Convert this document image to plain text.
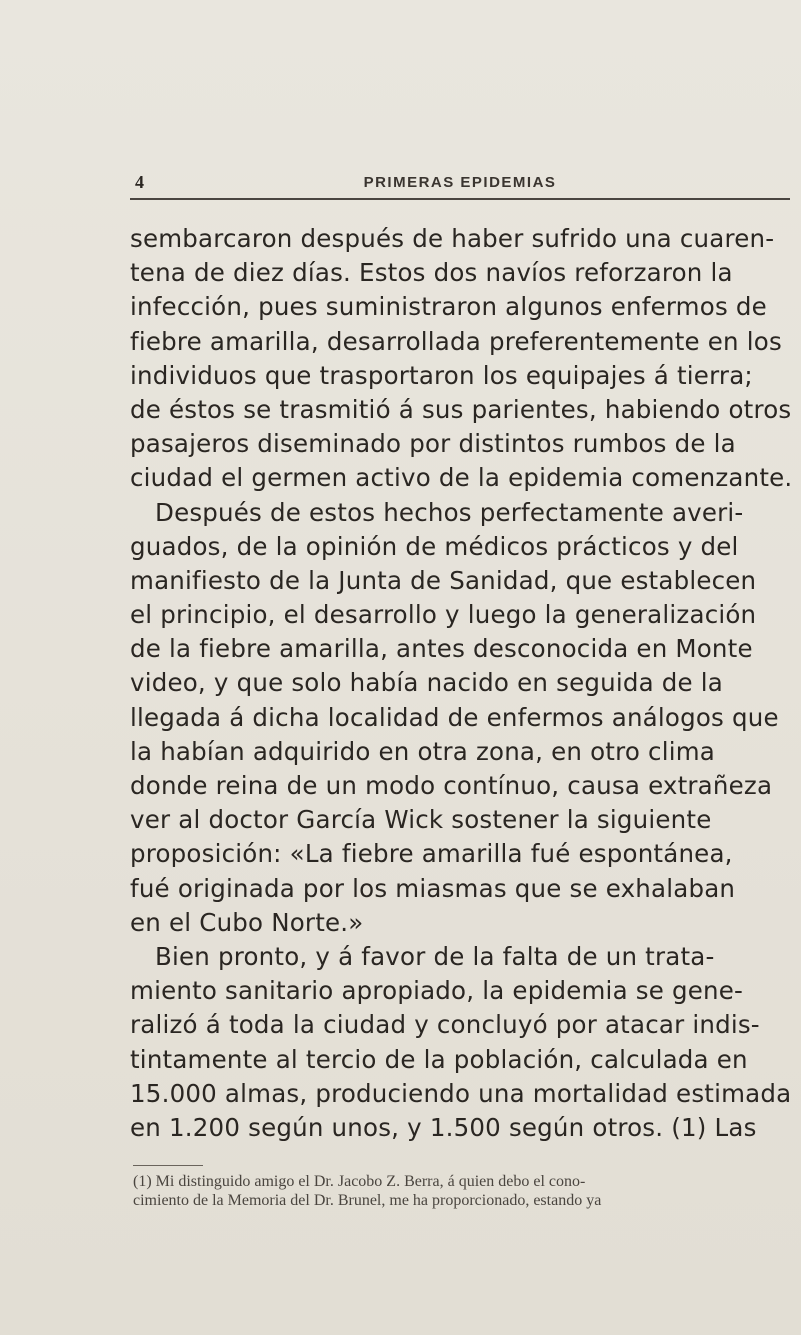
4	PRIMERAS EPIDEMIAS
sembarcaron después de haber sufrido una cuaren-
tena de diez días. Estos dos navíos reforzaron la
infección, pues suministraron algunos enfermos de
fiebre amarilla, desarrollada preferentemente en los
individuos que trasportaron los equipajes á tierra;
de éstos se trasmitió á sus parientes, habiendo otros
pasajeros diseminado por distintos rumbos de la
ciudad el germen activo de la epidemia comenzante.
Después de estos hechos perfectamente averi-
guados, de la opinión de médicos prácticos y del
manifiesto de la Junta de Sanidad, que establecen
el principio, el desarrollo y luego la generalización
de la fiebre amarilla, antes desconocida en Monte
video, y que solo había nacido en seguida de la
llegada á dicha localidad de enfermos análogos que
la habían adquirido en otra zona, en otro clima
donde reina de un modo contínuo, causa extrañeza
ver al doctor García Wick sostener la siguiente
proposición: «La fiebre amarilla fué espontánea,
fué originada por los miasmas que se exhalaban
en el Cubo Norte.»
Bien pronto, y á favor de la falta de un trata-
miento sanitario apropiado, la epidemia se gene-
ralizó á toda la ciudad y concluyó por atacar indis-
tintamente al tercio de la población, calculada en
15.000 almas, produciendo una mortalidad estimada
en 1.200 según unos, y 1.500 según otros. (1) Las
(1) Mi distinguido amigo el Dr. Jacobo Z. Berra, á quien debo el cono-
cimiento de la Memoria del Dr. Brunel, me ha proporcionado, estando ya
